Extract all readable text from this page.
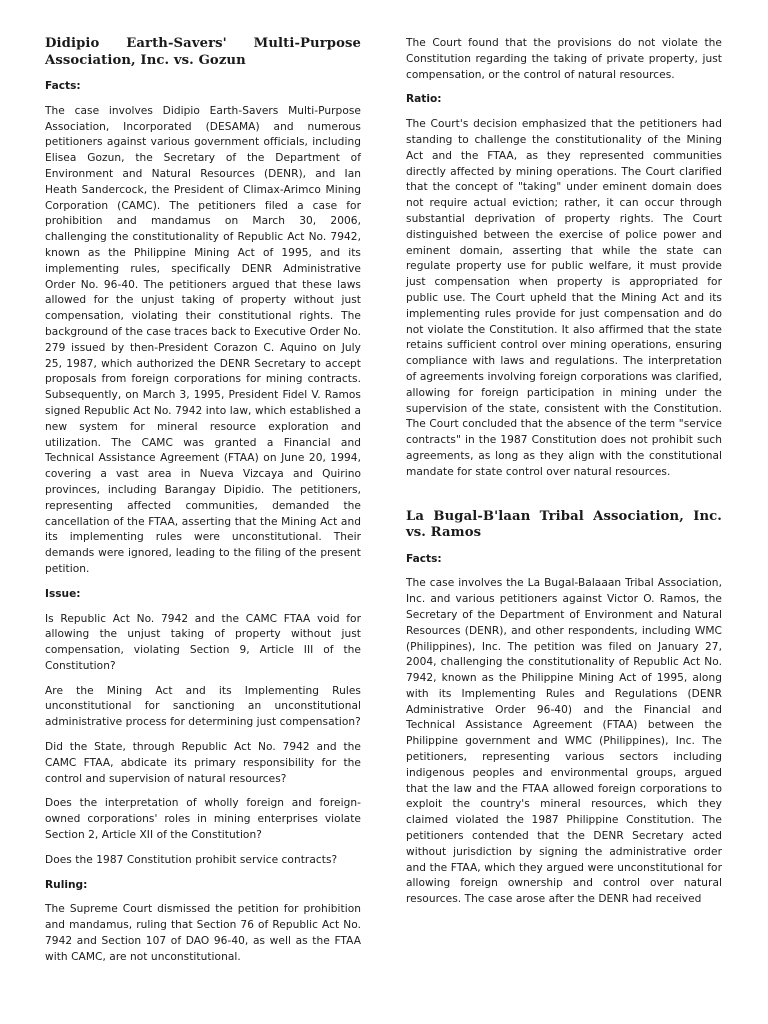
Didipio Earth-Savers' Multi-Purpose Association, Inc. vs. Gozun
Facts:

The case involves Didipio Earth-Savers Multi-Purpose Association, Incorporated (DESAMA) and numerous petitioners against various government officials, including Elisea Gozun, the Secretary of the Department of Environment and Natural Resources (DENR), and Ian Heath Sandercock, the President of Climax-Arimco Mining Corporation (CAMC). The petitioners filed a case for prohibition and mandamus on March 30, 2006, challenging the constitutionality of Republic Act No. 7942, known as the Philippine Mining Act of 1995, and its implementing rules, specifically DENR Administrative Order No. 96-40. The petitioners argued that these laws allowed for the unjust taking of property without just compensation, violating their constitutional rights. The background of the case traces back to Executive Order No. 279 issued by then-President Corazon C. Aquino on July 25, 1987, which authorized the DENR Secretary to accept proposals from foreign corporations for mining contracts. Subsequently, on March 3, 1995, President Fidel V. Ramos signed Republic Act No. 7942 into law, which established a new system for mineral resource exploration and utilization. The CAMC was granted a Financial and Technical Assistance Agreement (FTAA) on June 20, 1994, covering a vast area in Nueva Vizcaya and Quirino provinces, including Barangay Dipidio. The petitioners, representing affected communities, demanded the cancellation of the FTAA, asserting that the Mining Act and its implementing rules were unconstitutional. Their demands were ignored, leading to the filing of the present petition.

Issue:

Is Republic Act No. 7942 and the CAMC FTAA void for allowing the unjust taking of property without just compensation, violating Section 9, Article III of the Constitution?

Are the Mining Act and its Implementing Rules unconstitutional for sanctioning an unconstitutional administrative process for determining just compensation?

Did the State, through Republic Act No. 7942 and the CAMC FTAA, abdicate its primary responsibility for the control and supervision of natural resources?

Does the interpretation of wholly foreign and foreign-owned corporations' roles in mining enterprises violate Section 2, Article XII of the Constitution?

Does the 1987 Constitution prohibit service contracts?

Ruling:

The Supreme Court dismissed the petition for prohibition and mandamus, ruling that Section 76 of Republic Act No. 7942 and Section 107 of DAO 96-40, as well as the FTAA with CAMC, are not unconstitutional.

The Court found that the provisions do not violate the Constitution regarding the taking of private property, just compensation, or the control of natural resources.

Ratio:

The Court's decision emphasized that the petitioners had standing to challenge the constitutionality of the Mining Act and the FTAA, as they represented communities directly affected by mining operations. The Court clarified that the concept of "taking" under eminent domain does not require actual eviction; rather, it can occur through substantial deprivation of property rights. The Court distinguished between the exercise of police power and eminent domain, asserting that while the state can regulate property use for public welfare, it must provide just compensation when property is appropriated for public use. The Court upheld that the Mining Act and its implementing rules provide for just compensation and do not violate the Constitution. It also affirmed that the state retains sufficient control over mining operations, ensuring compliance with laws and regulations. The interpretation of agreements involving foreign corporations was clarified, allowing for foreign participation in mining under the supervision of the state, consistent with the Constitution. The Court concluded that the absence of the term "service contracts" in the 1987 Constitution does not prohibit such agreements, as long as they align with the constitutional mandate for state control over natural resources.

La Bugal-B'laan Tribal Association, Inc. vs. Ramos
Facts:

The case involves the La Bugal-Balaaan Tribal Association, Inc. and various petitioners against Victor O. Ramos, the Secretary of the Department of Environment and Natural Resources (DENR), and other respondents, including WMC (Philippines), Inc. The petition was filed on January 27, 2004, challenging the constitutionality of Republic Act No. 7942, known as the Philippine Mining Act of 1995, along with its Implementing Rules and Regulations (DENR Administrative Order 96-40) and the Financial and Technical Assistance Agreement (FTAA) between the Philippine government and WMC (Philippines), Inc. The petitioners, representing various sectors including indigenous peoples and environmental groups, argued that the law and the FTAA allowed foreign corporations to exploit the country's mineral resources, which they claimed violated the 1987 Philippine Constitution. The petitioners contended that the DENR Secretary acted without jurisdiction by signing the administrative order and the FTAA, which they argued were unconstitutional for allowing foreign ownership and control over natural resources. The case arose after the DENR had received
